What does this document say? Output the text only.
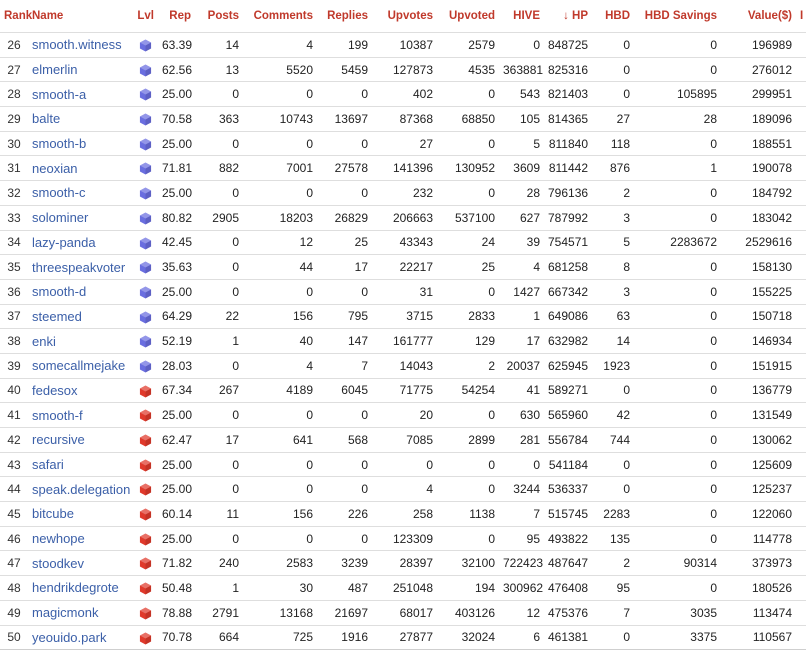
Rank	Name	Lvl	Rep	Posts	Comments	Replies	Upvotes	Upvoted	HIVE	↓ HP	HBD	HBD Savings	Value($)	I
26	smooth.witness		63.39	14	4	199	10387	2579	0	848725	0	0	196989	
27	elmerlin		62.56	13	5520	5459	127873	4535	363881	825316	0	0	276012	
28	smooth-a		25.00	0	0	0	402	0	543	821403	0	105895	299951	
29	balte		70.58	363	10743	13697	87368	68850	105	814365	27	28	189096	
30	smooth-b		25.00	0	0	0	27	0	5	811840	118	0	188551	
31	neoxian		71.81	882	7001	27578	141396	130952	3609	811442	876	1	190078	
32	smooth-c		25.00	0	0	0	232	0	28	796136	2	0	184792	
33	solominer		80.82	2905	18203	26829	206663	537100	627	787992	3	0	183042	
34	lazy-panda		42.45	0	12	25	43343	24	39	754571	5	2283672	2529616	
35	threespeakvoter		35.63	0	44	17	22217	25	4	681258	8	0	158130	
36	smooth-d		25.00	0	0	0	31	0	1427	667342	3	0	155225	
37	steemed		64.29	22	156	795	3715	2833	1	649086	63	0	150718	
38	enki		52.19	1	40	147	161777	129	17	632982	14	0	146934	
39	somecallmejake		28.03	0	4	7	14043	2	20037	625945	1923	0	151915	
40	fedesox		67.34	267	4189	6045	71775	54254	41	589271	0	0	136779	
41	smooth-f		25.00	0	0	0	20	0	630	565960	42	0	131549	
42	recursive		62.47	17	641	568	7085	2899	281	556784	744	0	130062	
43	safari		25.00	0	0	0	0	0	0	541184	0	0	125609	
44	speak.delegation		25.00	0	0	0	4	0	3244	536337	0	0	125237	
45	bitcube		60.14	11	156	226	258	1138	7	515745	2283	0	122060	
46	newhope		25.00	0	0	0	123309	0	95	493822	135	0	114778	
47	stoodkev		71.82	240	2583	3239	28397	32100	722423	487647	2	90314	373973	
48	hendrikdegrote		50.48	1	30	487	251048	194	300962	476408	95	0	180526	
49	magicmonk		78.88	2791	13168	21697	68017	403126	12	475376	7	3035	113474	
50	yeouido.park		70.78	664	725	1916	27877	32024	6	461381	0	3375	110567	
